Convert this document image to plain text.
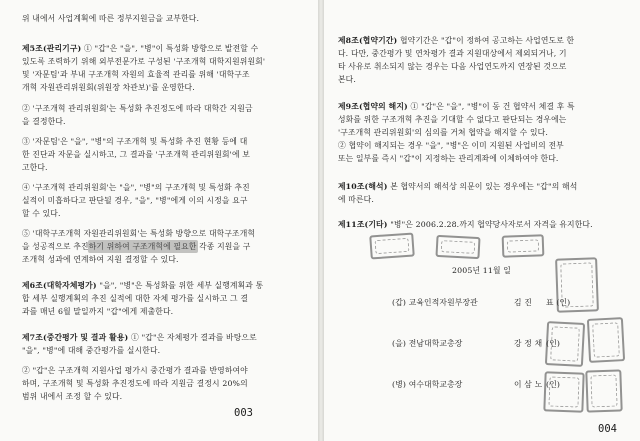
위 내에서 사업계획에 따른 정부지원금을 교부한다.
제5조(관리기구) ① "갑"은 "을", "병"이 특성화 방향으로 발전할 수
있도록 조력하기 위해 외부전문가로 구성된 '구조개혁 대학지원위원회'
및 '자문팀'과 부내 구조개혁 자원의 효율적 관리를 위해 '대학구조
개혁 자원관리위원회(위원장 차관보)'를 운영한다.
② '구조개혁 관리위원회'는 특성화 추진정도에 따라 대학간 지원금
을 결정한다.
③ '자문팀'은 "을", "병"의 구조개혁 및 특성화 추진 현황 등에 대
한 진단과 자문을 실시하고, 그 결과를 '구조개혁 관리위원회'에 보
고한다.
④ '구조개혁 관리위원회'는 "을", "병"의 구조개혁 및 특성화 추진
실적이 미흡하다고 판단될 경우, "을", "병"에게 이의 시정을 요구
할 수 있다.
⑤ '대학구조개혁 자원관리위원회'는 특성화 방향으로 대학구조개혁
을 성공적으로 추진하기 위하여 구조개혁에 필요한 각종 지원을 구
조개혁 성과에 연계하여 지원 결정할 수 있다.
제6조(대학자체평가) "을", "병"은 특성화를 위한 세부 실행계획과 통
합 세부 실행계획의 추진 실적에 대한 자체 평가를 실시하고 그 결
과를 매년 6월 말일까지 "갑"에게 제출한다.
제7조(중간평가 및 결과 활용) ① "갑"은 자체평가 결과를 바탕으로
"을", "병"에 대해 중간평가를 실시한다.
② "갑"은 구조개혁 지원사업 평가시 중간평가 결과를 반영하여야
하며, 구조개혁 및 특성화 추진정도에 따라 지원금 결정시 20%의
범위 내에서 조정 할 수 있다.
003
제8조(협약기간) 협약기간은 "갑"이 정하여 공고하는 사업연도로 한
다. 다만, 중간평가 및 연차평가 결과 지원대상에서 제외되거나, 기
타 사유로 취소되지 않는 경우는 다음 사업연도까지 연장된 것으로
본다.
제9조(협약의 해지) ① "갑"은 "을", "병"이 동 건 협약서 체결 후 특
성화를 위한 구조개혁 추진을 기대할 수 없다고 판단되는 경우에는
'구조개혁 관리위원회'의 심의를 거쳐 협약을 해지할 수 있다.
② 협약이 해지되는 경우 "을", "병"은 이미 지원된 사업비의 전부
또는 일부를 즉시 "갑"이 지정하는 관리계좌에 이체하여야 한다.
제10조(해석) 본 협약서의 해석상 의문이 있는 경우에는 "갑"의 해석
에 따른다.
제11조(기타) "병"은 2006.2.28.까지 협약당사자로서 자격을 유지한다.
2005년 11월 일
(갑) 교육인적자원부장관	김 진 표 (인)
(을) 전남대학교총장	강 정 채 (인)
(병) 여수대학교총장	이 삼 노 (인)
004
